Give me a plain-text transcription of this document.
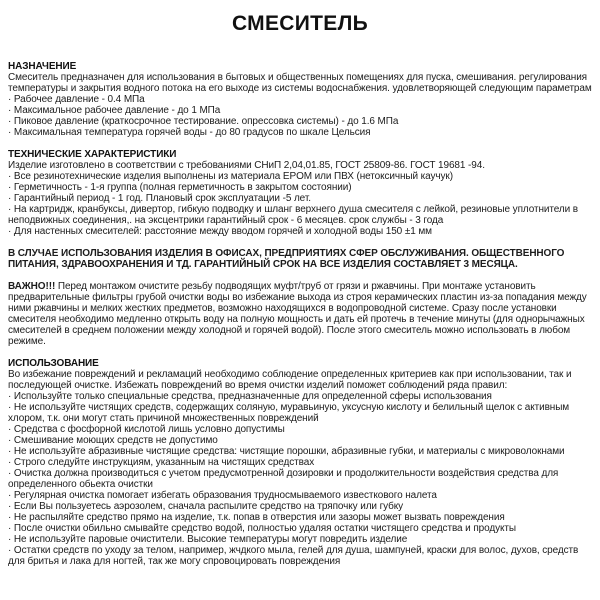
СМЕСИТЕЛЬ
НАЗНАЧЕНИЕ
Смеситель предназначен для использования в бытовых и общественных помещениях для пуска, смешивания. регулирования температуры и закрытия водного потока на его выходе из системы водоснабжения. удовлетворяющей следующим параметрам
· Рабочее давление - 0.4 МПа
· Максимальное рабочее давление - до 1 МПа
· Пиковое давление (краткосрочное тестирование. опрессовка системы) - до 1.6 МПа
· Максимальная температура горячей воды - до 80 градусов по шкале Цельсия
ТЕХНИЧЕСКИЕ ХАРАКТЕРИСТИКИ
Изделие изготовлено в соответствии с требованиями СНиП 2,04,01.85, ГОСТ 25809-86. ГОСТ 19681 -94.
· Все резинотехнические изделия выполнены из материала EPOM или ПВХ (нетоксичный каучук)
· Герметичность - 1-я группа (полная герметичность в закрытом состоянии)
· Гарантийный период - 1 год. Плановый срок эксплуатации -5 лет.
· На картридж, кранбуксы, дивертор, гибкую подводку и шланг верхнего душа смесителя с лейкой, резиновые уплотнители в неподвижных соединения,. на эксцентрики гарантийный срок - 6 месяцев. срок службы - 3 года
· Для настенных смесителей: расстояние между вводом горячей и холодной воды 150 ±1 мм
В СЛУЧАЕ ИСПОЛЬЗОВАНИЯ ИЗДЕЛИЯ В ОФИСАХ, ПРЕДПРИЯТИЯХ СФЕР ОБСЛУЖИВАНИЯ. ОБЩЕСТВЕННОГО ПИТАНИЯ, ЗДРАВООХРАНЕНИЯ И ТД. ГАРАНТИЙНЫЙ СРОК НА ВСЕ ИЗДЕЛИЯ СОСТАВЛЯЕТ 3 МЕСЯЦА.
ВАЖНО!!! Перед монтажом очистите резьбу подводящих муфт/труб от грязи и ржавчины. При монтаже установить предварительные фильтры грубой очистки воды во избежание выхода из строя керамических пластин из-за попадания между ними ржавчины и мелких жестких предметов, возможно находящихся в водопроводной системе. Сразу после установки смесителя необходимо медленно открыть воду на полную мощность и дать ей протечь в течение минуты (для однорычажных смесителей в среднем положении между холодной и горячей водой). После этого смеситель можно использовать в любом режиме.
ИСПОЛЬЗОВАНИЕ
Во избежание повреждений и рекламаций необходимо соблюдение определенных критериев как при использовании, так и последующей очистке. Избежать повреждений во время очистки изделий поможет соблюдений ряда правил:
· Используйте только специальные средства, предназначенные для определенной сферы использования
· Не используйте чистящих средств, содержащих соляную, муравьиную, уксусную кислоту и белильный щелок с активным хлором, т.к. они могут стать причиной множественных повреждений
· Средства с фосфорной кислотой лишь условно допустимы
· Смешивание моющих средств не допустимо
· Не используйте абразивные чистящие средства: чистящие порошки, абразивные губки, и материалы с микроволокнами
· Строго следуйте инструкциям, указанным на чистящих средствах
· Очистка должна производиться с учетом предусмотренной дозировки и продолжительности воздействия средства для определенного обьекта очистки
· Регулярная очистка помогает избегать образования трудносмываемого известкового налета
· Если Вы пользуетесь аэрозолем, сначала распылите средство на тряпочку или губку
· Не распыляйте средство прямо на изделие, т.к. попав в отверстия или зазоры может вызвать повреждения
· После очистки обильно смывайте средство водой, полностью удаляя остатки чистящего средства и продукты
· Не используйте паровые очистители. Высокие температуры могут повредить изделие
· Остатки средств по уходу за телом, например, жчдкого мыла, гелей для душа, шампуней, краски для волос, духов, средств для бритья и лака для ногтей, так же могу спровоцировать повреждения
